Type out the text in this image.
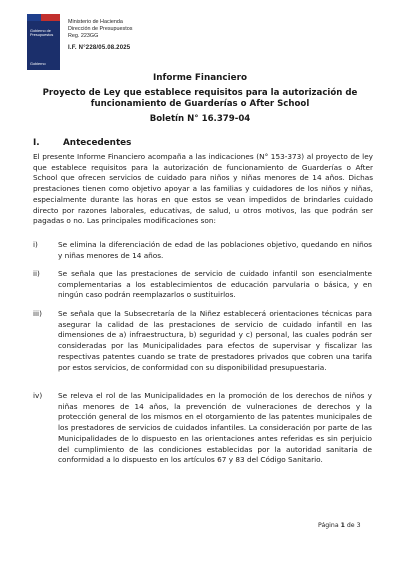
Gobierno de
Presupuestos
Gobierno
Ministerio de Hacienda
Dirección de Presupuestos
Reg. 223GG
I.F. N°228/05.08.2025
Informe Financiero
Proyecto de Ley que establece requisitos para la autorización de funcionamiento de Guarderías o After School
Boletín N° 16.379-04
I.	Antecedentes
El presente Informe Financiero acompaña a las indicaciones (N° 153-373) al proyecto de ley que establece requisitos para la autorización de funcionamiento de Guarderías o After School que ofrecen servicios de cuidado para niños y niñas menores de 14 años. Dichas prestaciones tienen como objetivo apoyar a las familias y cuidadores de los niños y niñas, especialmente durante las horas en que estos se vean impedidos de brindarles cuidado directo por razones laborales, educativas, de salud, u otros motivos, las que podrán ser pagadas o no. Las principales modificaciones son:
i)	Se elimina la diferenciación de edad de las poblaciones objetivo, quedando en niños y niñas menores de 14 años.
ii) Se señala que las prestaciones de servicio de cuidado infantil son esencialmente complementarias a los establecimientos de educación parvularia o básica, y en ningún caso podrán reemplazarlos o sustituirlos.
iii) Se señala que la Subsecretaría de la Niñez establecerá orientaciones técnicas para asegurar la calidad de las prestaciones de servicio de cuidado infantil en las dimensiones de a) infraestructura, b) seguridad y c) personal, las cuales podrán ser consideradas por las Municipalidades para efectos de supervisar y fiscalizar las respectivas patentes cuando se trate de prestadores privados que cobren una tarifa por estos servicios, de conformidad con su disponibilidad presupuestaria.
iv) Se releva el rol de las Municipalidades en la promoción de los derechos de niños y niñas menores de 14 años, la prevención de vulneraciones de derechos y la protección general de los mismos en el otorgamiento de las patentes municipales de los prestadores de servicios de cuidados infantiles. La consideración por parte de las Municipalidades de lo dispuesto en las orientaciones antes referidas es sin perjuicio del cumplimiento de las condiciones establecidas por la autoridad sanitaria de conformidad a lo dispuesto en los artículos 67 y 83 del Código Sanitario.
Página 1 de 3
